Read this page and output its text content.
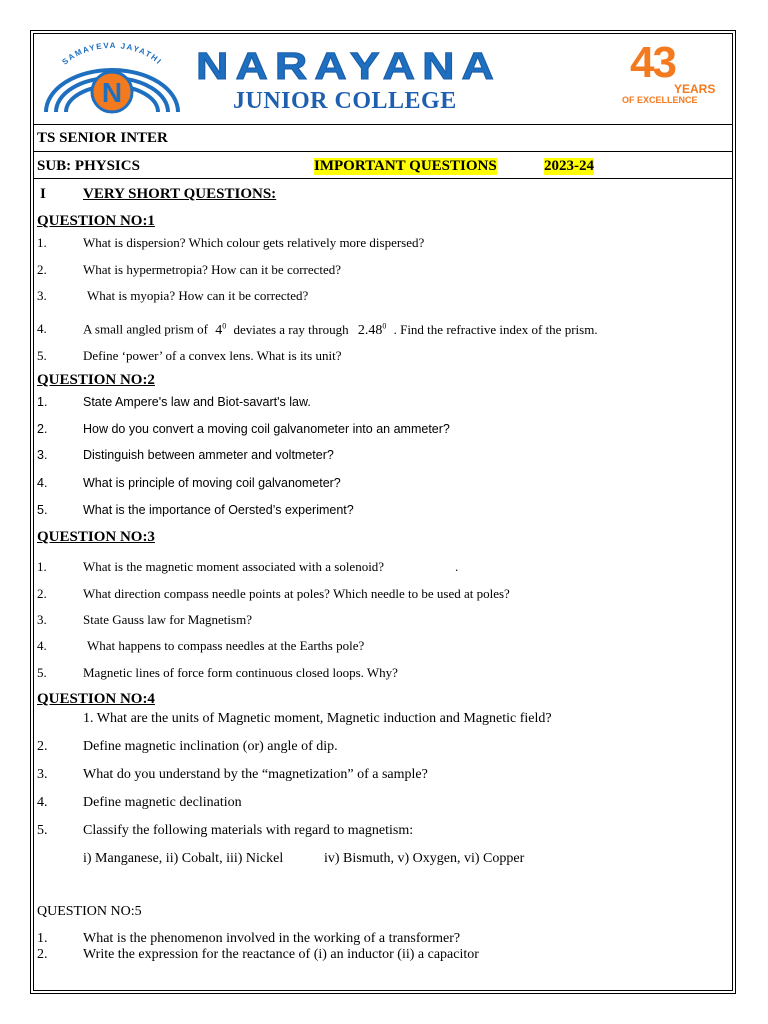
SAMAYEVA JAYATHI
N
NARAYANA
JUNIOR COLLEGE
43
YEARS
OF EXCELLENCE
TS SENIOR INTER
SUB: PHYSICS	IMPORTANT QUESTIONS	2023-24
I VERY SHORT QUESTIONS:
QUESTION NO:1
1.	What is dispersion? Which colour gets relatively more dispersed?
2.	What is hypermetropia? How can it be corrected?
3.	What is myopia? How can it be corrected?
4.	A small angled prism of $4^0$ deviates a ray through 2.48$^0$ . Find the refractive index of the prism.
5.	Define ‘power’ of a convex lens. What is its unit?
QUESTION NO:2
1.	State Ampere's law and Biot-savart's law.
2.	How do you convert a moving coil galvanometer into an ammeter?
3.	Distinguish between ammeter and voltmeter?
4.	What is principle of moving coil galvanometer?
5.	What is the importance of Oersted’s experiment?
QUESTION NO:3
1.	What is the magnetic moment associated with a solenoid?	.
2.	What direction compass needle points at poles? Which needle to be used at poles?
3.	State Gauss law for Magnetism?
4.	What happens to compass needles at the Earths pole?
5.	Magnetic lines of force form continuous closed loops. Why?
QUESTION NO:4
1. What are the units of Magnetic moment, Magnetic induction and Magnetic field?
2.	Define magnetic inclination (or) angle of dip.
3.	What do you understand by the “magnetization” of a sample?
4.	Define magnetic declination
5.	Classify the following materials with regard to magnetism:
i) Manganese, ii) Cobalt, iii) Nickel	iv) Bismuth, v) Oxygen, vi) Copper
QUESTION NO:5
1.	What is the phenomenon involved in the working of a transformer?
2.	Write the expression for the reactance of (i) an inductor (ii) a capacitor
